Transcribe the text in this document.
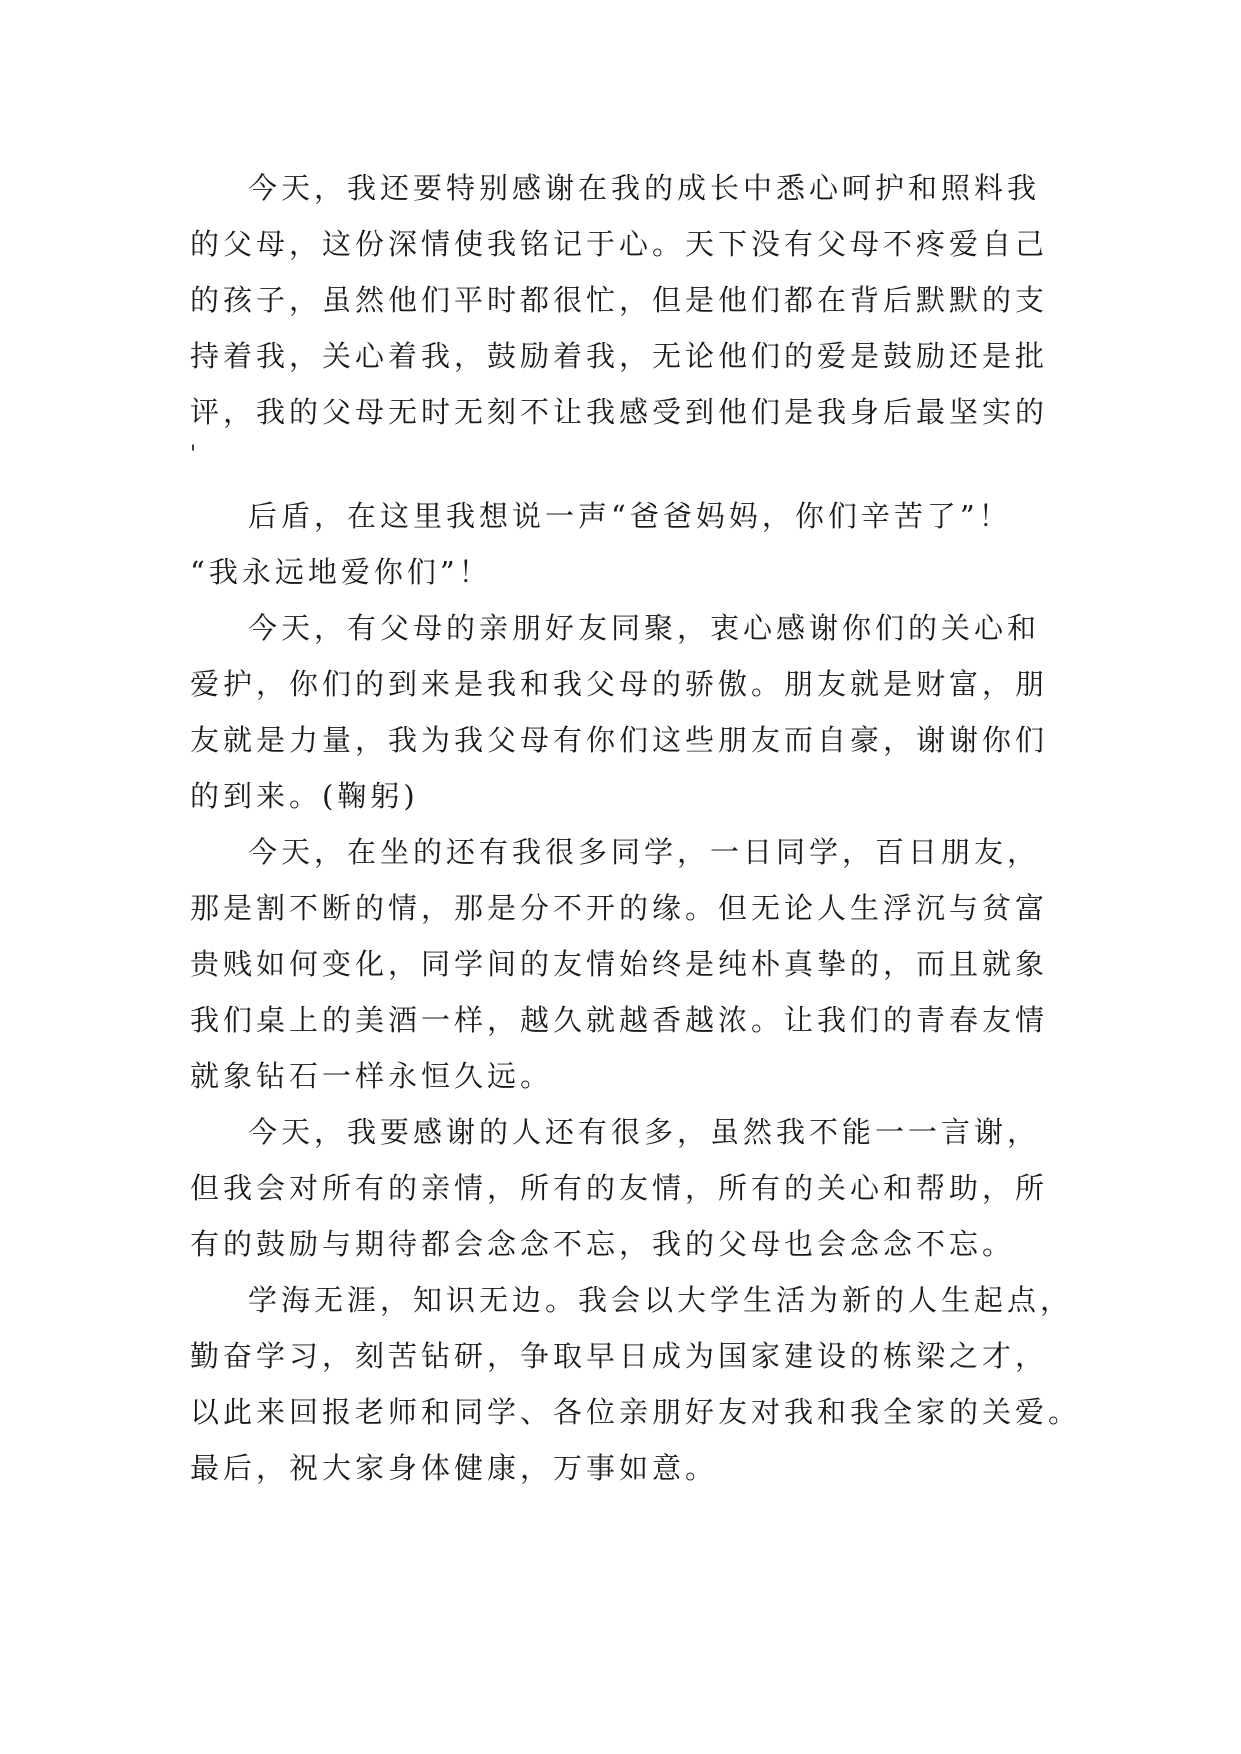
今天，我还要特别感谢在我的成长中悉心呵护和照料我
的父母，这份深情使我铭记于心。天下没有父母不疼爱自己
的孩子，虽然他们平时都很忙，但是他们都在背后默默的支
持着我，关心着我，鼓励着我，无论他们的爱是鼓励还是批
评，我的父母无时无刻不让我感受到他们是我身后最坚实的
'
后盾，在这里我想说一声“爸爸妈妈，你们辛苦了”！
“我永远地爱你们”！
今天，有父母的亲朋好友同聚，衷心感谢你们的关心和
爱护，你们的到来是我和我父母的骄傲。朋友就是财富，朋
友就是力量，我为我父母有你们这些朋友而自豪，谢谢你们
的到来。(鞠躬)
今天，在坐的还有我很多同学，一日同学，百日朋友，
那是割不断的情，那是分不开的缘。但无论人生浮沉与贫富
贵贱如何变化，同学间的友情始终是纯朴真挚的，而且就象
我们桌上的美酒一样，越久就越香越浓。让我们的青春友情
就象钻石一样永恒久远。
今天，我要感谢的人还有很多，虽然我不能一一言谢，
但我会对所有的亲情，所有的友情，所有的关心和帮助，所
有的鼓励与期待都会念念不忘，我的父母也会念念不忘。
学海无涯，知识无边。我会以大学生活为新的人生起点，
勤奋学习，刻苦钻研，争取早日成为国家建设的栋梁之才，
以此来回报老师和同学、各位亲朋好友对我和我全家的关爱。
最后，祝大家身体健康，万事如意。
